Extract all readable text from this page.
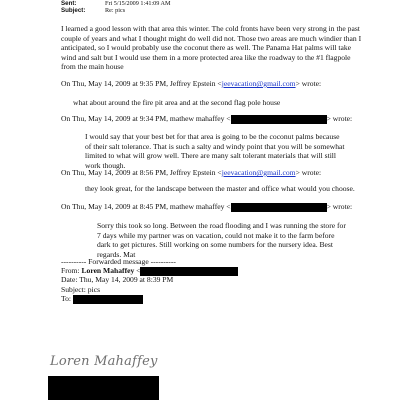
Sent:	Fri 5/15/2009 1:41:09 AM
Subject:	Re: pics
I learned a good lesson with that area this winter. The cold fronts have been very strong in the past couple of years and what I thought might do well did not. Those two areas are much windier than I anticipated, so I would probably use the coconut there as well. The Panama Hat palms will take wind and salt but I would use them in a more protected area like the roadway to the #1 flagpole from the main house
On Thu, May 14, 2009 at 9:35 PM, Jeffrey Epstein <jeevacation@gmail.com> wrote:
what about around the fire pit area and at the second flag pole house
On Thu, May 14, 2009 at 9:34 PM, mathew mahaffey <	> wrote:
I would say that your best bet for that area is going to be the coconut palms because of their salt tolerance. That is such a salty and windy point that you will be somewhat limited to what will grow well. There are many salt tolerant materials that will still work though.
On Thu, May 14, 2009 at 8:56 PM, Jeffrey Epstein <jeevacation@gmail.com> wrote:
they look great, for the landscape between the master and office what would you choose.
On Thu, May 14, 2009 at 8:45 PM, mathew mahaffey <	> wrote:
Sorry this took so long. Between the road flooding and I was running the store for 7 days while my partner was on vacation, could not make it to the farm before dark to get pictures. Still working on some numbers for the nursery idea. Best regards. Mat
---------- Forwarded message ----------
From: Loren Mahaffey <
Date: Thu, May 14, 2009 at 8:39 PM
Subject: pics
To:
Loren Mahaffey
